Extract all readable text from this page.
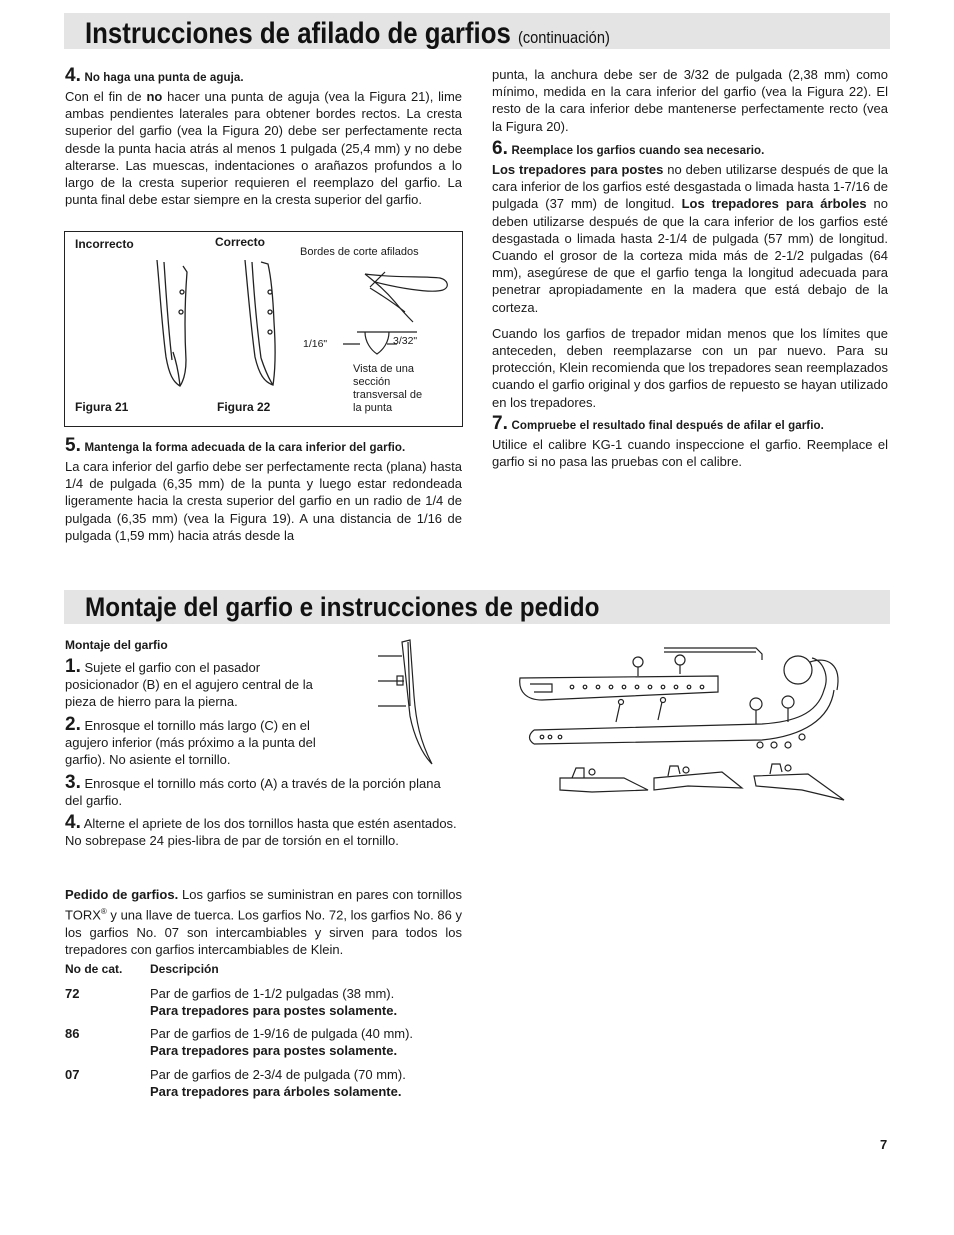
Instrucciones de afilado de garfios (continuación)
4. No haga una punta de aguja.
Con el fin de no hacer una punta de aguja (vea la Figura 21), lime ambas pendientes laterales para obtener bordes rectos. La cresta superior del garfio (vea la Figura 20) debe ser perfectamente recta desde la punta hacia atrás al menos 1 pulgada (25,4 mm) y no debe alterarse. Las muescas, indentaciones o arañazos profundos a lo largo de la cresta superior requieren el reemplazo del garfio. La punta final debe estar siempre en la cresta superior del garfio.
Incorrecto	Correcto
Bordes de corte afilados
Figura 21	Figura 22
1/16"	3/32"
Vista de una sección transversal de la punta
5. Mantenga la forma adecuada de la cara inferior del garfio.
La cara inferior del garfio debe ser perfectamente recta (plana) hasta 1/4 de pulgada (6,35 mm) de la punta y luego estar redondeada ligeramente hacia la cresta superior del garfio en un radio de 1/4 de pulgada (6,35 mm) (vea la Figura 19). A una distancia de 1/16 de pulgada (1,59 mm) hacia atrás desde la
punta, la anchura debe ser de 3/32 de pulgada (2,38 mm) como mínimo, medida en la cara inferior del garfio (vea la Figura 22). El resto de la cara inferior debe mantenerse perfectamente recto (vea la Figura 20).
6. Reemplace los garfios cuando sea necesario.
Los trepadores para postes no deben utilizarse después de que la cara inferior de los garfios esté desgastada o limada hasta 1-7/16 de pulgada (37 mm) de longitud. Los trepadores para árboles no deben utilizarse después de que la cara inferior de los garfios esté desgastada o limada hasta 2-1/4 de pulgada (57 mm) de longitud. Cuando el grosor de la corteza mida más de 2-1/2 pulgadas (64 mm), asegúrese de que el garfio tenga la longitud adecuada para penetrar apropiadamente en la madera que está debajo de la corteza.
Cuando los garfios de trepador midan menos que los límites que anteceden, deben reemplazarse con un par nuevo. Para su protección, Klein recomienda que los trepadores sean reemplazados cuando el garfio original y dos garfios de repuesto se hayan utilizado en los trepadores.
7. Compruebe el resultado final después de afilar el garfio.
Utilice el calibre KG-1 cuando inspeccione el garfio. Reemplace el garfio si no pasa las pruebas con el calibre.
Montaje del garfio e instrucciones de pedido
Montaje del garfio
1. Sujete el garfio con el pasador posicionador (B) en el agujero central de la pieza de hierro para la pierna.
2. Enrosque el tornillo más largo (C) en el agujero inferior (más próximo a la punta del garfio). No asiente el tornillo.
3. Enrosque el tornillo más corto (A) a través de la porción plana del garfio.
4. Alterne el apriete de los dos tornillos hasta que estén asentados. No sobrepase 24 pies-libra de par de torsión en el tornillo.
Pedido de garfios. Los garfios se suministran en pares con tornillos TORX® y una llave de tuerca. Los garfios No. 72, los garfios No. 86 y los garfios No. 07 son intercambiables y sirven para todos los trepadores con garfios intercambiables de Klein.
No de cat. Descripción
72	Par de garfios de 1-1/2 pulgadas (38 mm).
Para trepadores para postes solamente.
86	Par de garfios de 1-9/16 de pulgada (40 mm).
Para trepadores para postes solamente.
07	Par de garfios de 2-3/4 de pulgada (70 mm).
Para trepadores para árboles solamente.
7
